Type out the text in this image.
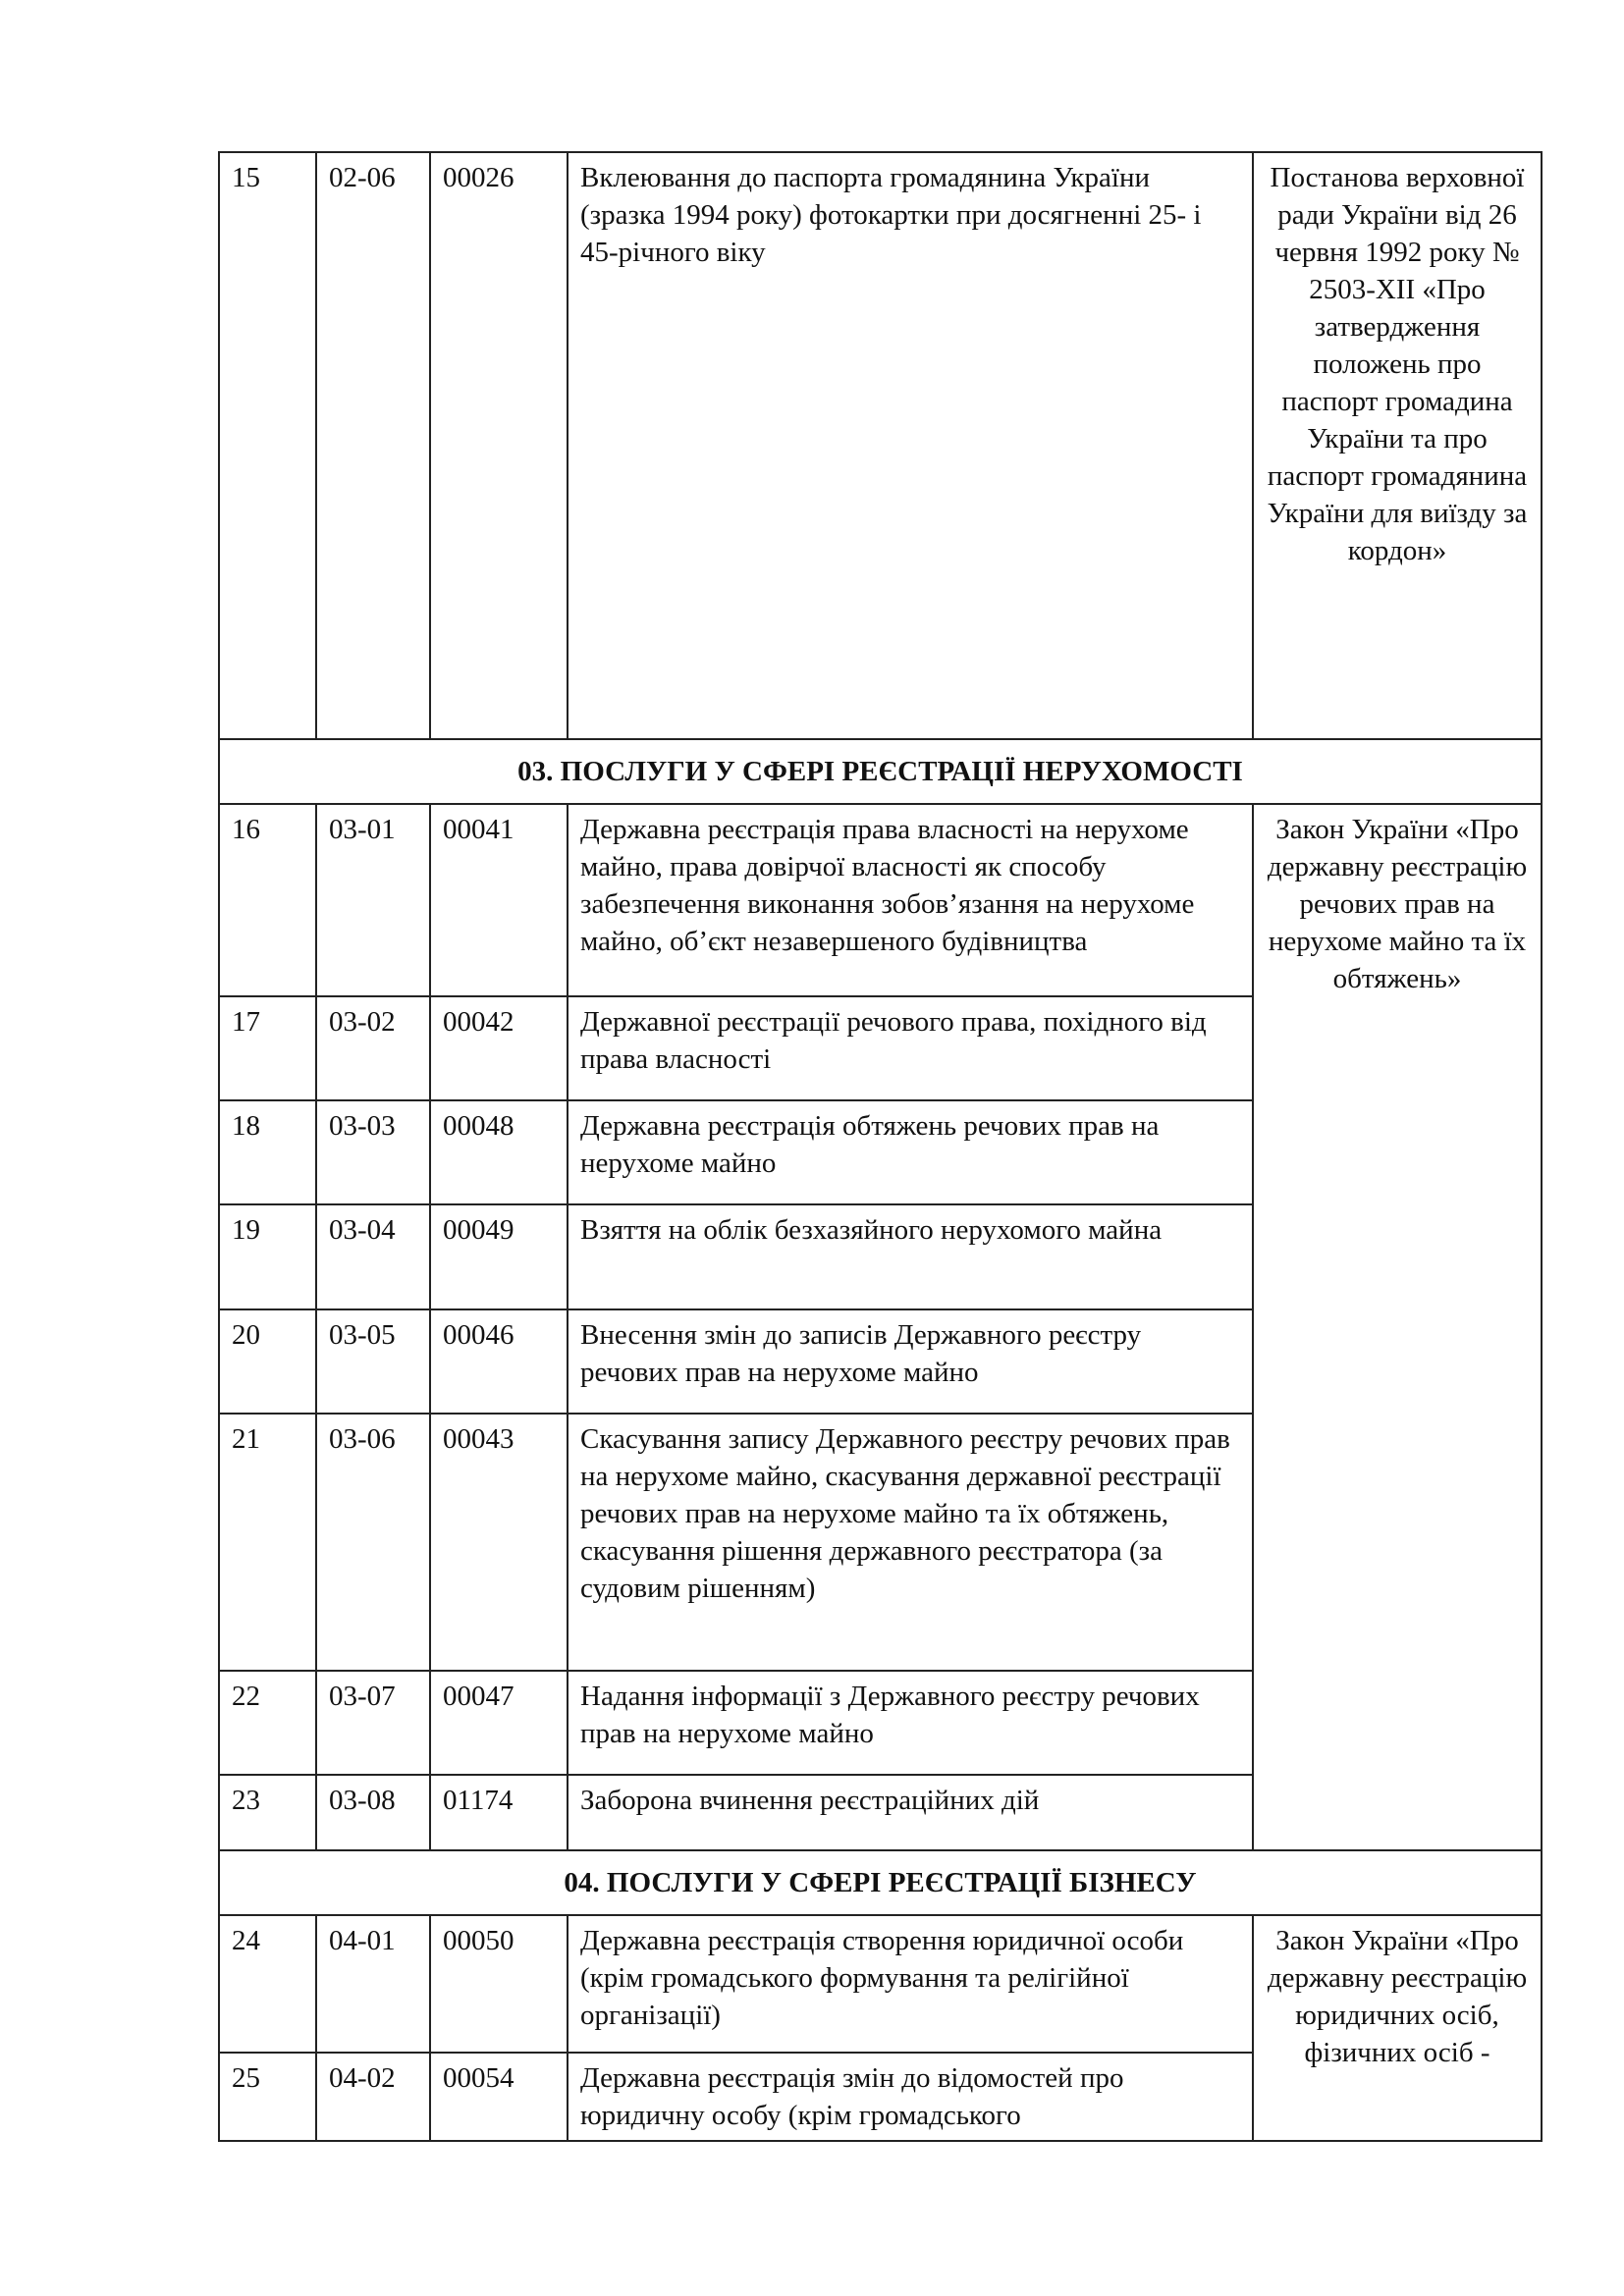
15	02-06	00026	Вклеювання до паспорта громадянина України (зразка 1994 року) фотокартки при досягненні 25- і 45-річного віку	Постанова верховної ради України від 26 червня 1992 року № 2503-XII «Про затвердження положень про паспорт громадина України та про паспорт громадянина України для виїзду за кордон»
03. ПОСЛУГИ У СФЕРІ РЕЄСТРАЦІЇ НЕРУХОМОСТІ				
16	03-01	00041	Державна реєстрація права власності на нерухоме майно, права довірчої власності як способу забезпечення виконання зобов’язання на нерухоме майно, об’єкт незавершеного будівництва	Закон України «Про державну реєстрацію речових прав на нерухоме майно та їх обтяжень»
17	03-02	00042	Державної реєстрації речового права, похідного від права власності	
18	03-03	00048	Державна реєстрація обтяжень речових прав на нерухоме майно	
19	03-04	00049	Взяття на облік безхазяйного нерухомого майна	
20	03-05	00046	Внесення змін до записів Державного реєстру речових прав на нерухоме майно	
21	03-06	00043	Скасування запису Державного реєстру речових прав на нерухоме майно, скасування державної реєстрації речових прав на нерухоме майно та їх обтяжень, скасування рішення державного реєстратора (за судовим рішенням)	
22	03-07	00047	Надання інформації з Державного реєстру речових прав на нерухоме майно	
23	03-08	01174	Заборона вчинення реєстраційних дій	
04. ПОСЛУГИ У СФЕРІ РЕЄСТРАЦІЇ БІЗНЕСУ				
24	04-01	00050	Державна реєстрація створення юридичної особи (крім громадського формування та релігійної організації)	Закон України «Про державну реєстрацію юридичних осіб, фізичних осіб -
25	04-02	00054	Державна реєстрація змін до відомостей про юридичну особу (крім громадського	
